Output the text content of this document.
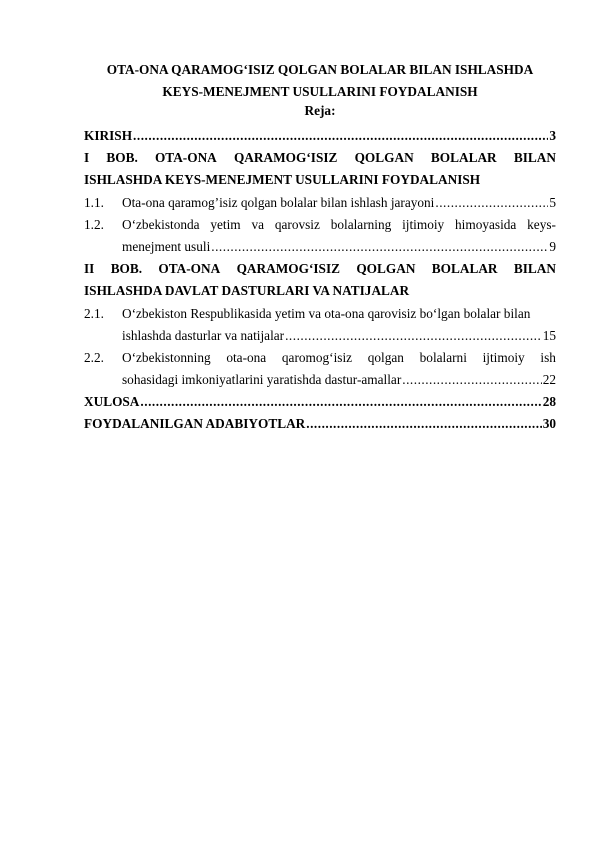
OTA-ONA QARAMOG‘ISIZ QOLGAN BOLALAR BILAN ISHLASHDA
KEYS-MENEJMENT USULLARINI FOYDALANISH
Reja:
KIRISH .....	3
I BOB. OTA-ONA QARAMOG‘ISIZ QOLGAN BOLALAR BILAN
ISHLASHDA KEYS-MENEJMENT USULLARINI FOYDALANISH
1.1.	Ota-ona qaramog’isiz qolgan bolalar bilan ishlash jarayoni .....	5
1.2.	O‘zbekistonda yetim va qarovsiz bolalarning ijtimoiy himoyasida keys-
menejment usuli .....	9
II BOB. OTA-ONA QARAMOG‘ISIZ QOLGAN BOLALAR BILAN
ISHLASHDA DAVLAT DASTURLARI VA NATIJALAR
2.1.	O‘zbekiston Respublikasida yetim va ota-ona qarovisiz bo‘lgan bolalar bilan
ishlashda dasturlar va natijalar .....	15
2.2.	O‘zbekistonning ota-ona qaromog‘isiz qolgan bolalarni ijtimoiy ish
sohasidagi imkoniyatlarini yaratishda dastur-amallar .....	22
XULOSA .....	28
FOYDALANILGAN ADABIYOTLAR .....	30
